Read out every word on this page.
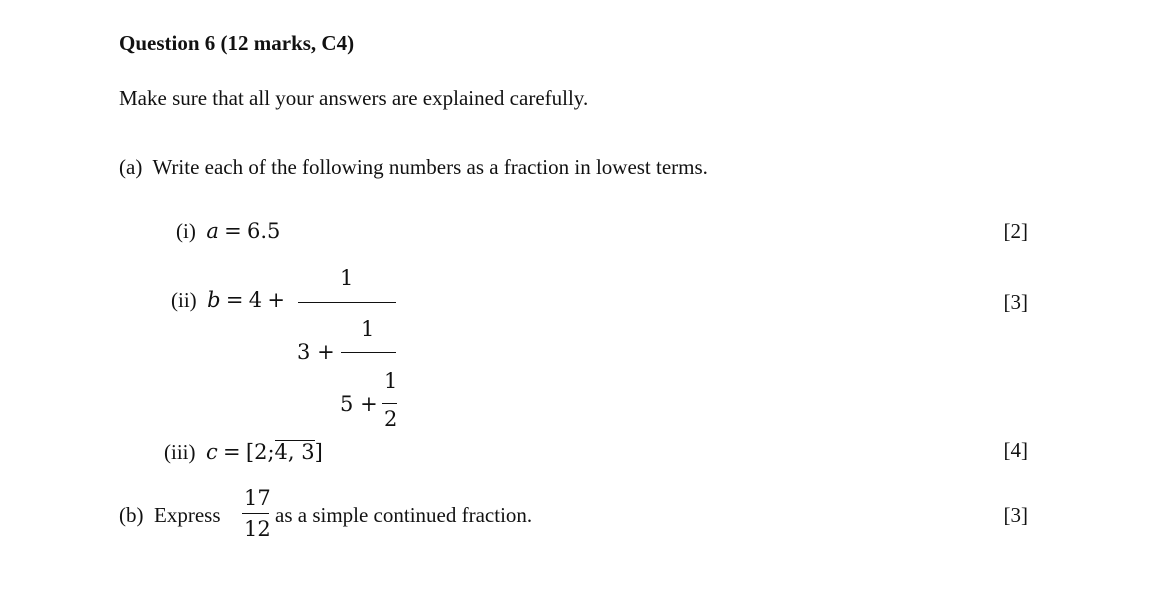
Question 6 (12 marks, C4)
Make sure that all your answers are explained carefully.
(a) Write each of the following numbers as a fraction in lowest terms.
(i) a = 6.5	[2]
(ii) b = 4 +
1
3 +
1
5 +
1
2
[3]
(iii) c = [2;4, 3]	[4]
(b) Express
17
12
as a simple continued fraction.	[3]
